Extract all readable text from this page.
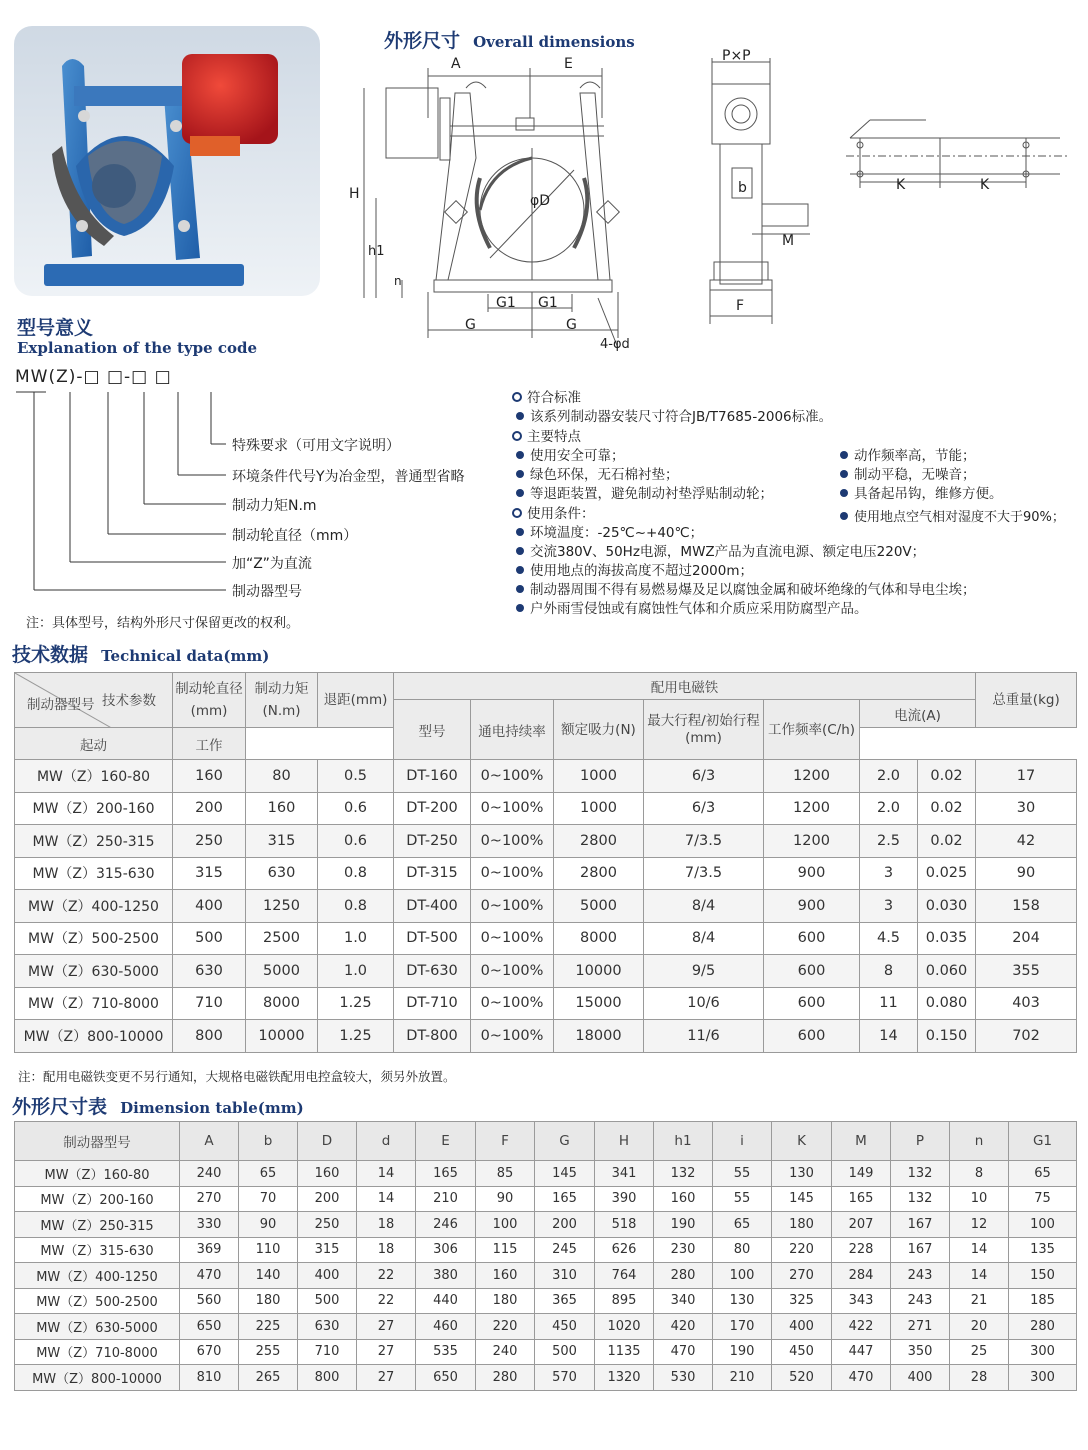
外形尺寸 Overall dimensions
A	E
H
h1
n
φD
G1 G1
G	G
4-φd
P×P
b
M
F
K	K
型号意义
Explanation of the type code
MW(Z)-□ □-□ □
特殊要求（可用文字说明）
环境条件代号Y为冶金型，普通型省略
制动力矩N.m
制动轮直径（mm）
加“Z”为直流
制动器型号
注：具体型号，结构外形尺寸保留更改的权利。
符合标准
该系列制动器安装尺寸符合JB/T7685-2006标准。
主要特点
使用安全可靠；
绿色环保，无石棉衬垫；
等退距装置，避免制动衬垫浮贴制动轮；
动作频率高，节能；
制动平稳，无噪音；
具备起吊钩，维修方便。
使用地点空气相对湿度不大于90%；
使用条件：
环境温度：-25℃~+40℃；
交流380V、50Hz电源，MWZ产品为直流电源、额定电压220V；
使用地点的海拔高度不超过2000m；
制动器周围不得有易燃易爆及足以腐蚀金属和破坏绝缘的气体和导电尘埃；
户外雨雪侵蚀或有腐蚀性气体和介质应采用防腐型产品。
技术数据 Technical data(mm)
技术参数
制动器型号	制动轮直径(mm)	制动力矩(N.m)	退距(mm)	配用电磁铁							总重量(kg)
				型号	通电持续率	额定吸力(N)	最大行程/初始行程(mm)	工作频率(C/h)	电流(A)		
起动	工作										
MW（Z）160-80	160	80	0.5	DT-160	0~100%	1000	6/3	1200	2.0	0.02	17
MW（Z）200-160	200	160	0.6	DT-200	0~100%	1000	6/3	1200	2.0	0.02	30
MW（Z）250-315	250	315	0.6	DT-250	0~100%	2800	7/3.5	1200	2.5	0.02	42
MW（Z）315-630	315	630	0.8	DT-315	0~100%	2800	7/3.5	900	3	0.025	90
MW（Z）400-1250	400	1250	0.8	DT-400	0~100%	5000	8/4	900	3	0.030	158
MW（Z）500-2500	500	2500	1.0	DT-500	0~100%	8000	8/4	600	4.5	0.035	204
MW（Z）630-5000	630	5000	1.0	DT-630	0~100%	10000	9/5	600	8	0.060	355
MW（Z）710-8000	710	8000	1.25	DT-710	0~100%	15000	10/6	600	11	0.080	403
MW（Z）800-10000	800	10000	1.25	DT-800	0~100%	18000	11/6	600	14	0.150	702
注：配用电磁铁变更不另行通知，大规格电磁铁配用电控盒较大，须另外放置。
外形尺寸表 Dimension table(mm)
制动器型号	A	b	D	d	E	F	G	H	h1	i	K	M	P	n	G1
MW（Z）160-80	240	65	160	14	165	85	145	341	132	55	130	149	132	8	65
MW（Z）200-160	270	70	200	14	210	90	165	390	160	55	145	165	132	10	75
MW（Z）250-315	330	90	250	18	246	100	200	518	190	65	180	207	167	12	100
MW（Z）315-630	369	110	315	18	306	115	245	626	230	80	220	228	167	14	135
MW（Z）400-1250	470	140	400	22	380	160	310	764	280	100	270	284	243	14	150
MW（Z）500-2500	560	180	500	22	440	180	365	895	340	130	325	343	243	21	185
MW（Z）630-5000	650	225	630	27	460	220	450	1020	420	170	400	422	271	20	280
MW（Z）710-8000	670	255	710	27	535	240	500	1135	470	190	450	447	350	25	300
MW（Z）800-10000	810	265	800	27	650	280	570	1320	530	210	520	470	400	28	300
